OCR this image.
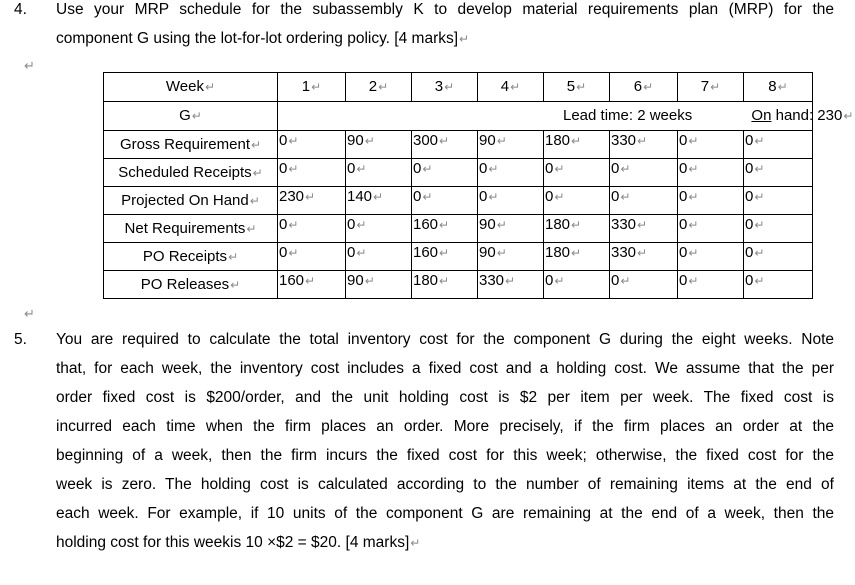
4. Use your MRP schedule for the subassembly K to develop material requirements plan (MRP) for the
component G using the lot-for-lot ordering policy. [4 marks]↵
↵
Week↵	1↵	2↵	3↵	4↵	5↵	6↵	7↵	8↵
G↵	Lead time: 2 weeks On hand: 230↵							
Gross Requirement↵	0↵	90↵	300↵	90↵	180↵	330↵	0↵	0↵
Scheduled Receipts↵	0↵	0↵	0↵	0↵	0↵	0↵	0↵	0↵
Projected On Hand↵	230↵	140↵	0↵	0↵	0↵	0↵	0↵	0↵
Net Requirements↵	0↵	0↵	160↵	90↵	180↵	330↵	0↵	0↵
PO Receipts↵	0↵	0↵	160↵	90↵	180↵	330↵	0↵	0↵
PO Releases↵	160↵	90↵	180↵	330↵	0↵	0↵	0↵	0↵
↵
5. You are required to calculate the total inventory cost for the component G during the eight weeks. Note
that, for each week, the inventory cost includes a fixed cost and a holding cost. We assume that the per
order fixed cost is $200/order, and the unit holding cost is $2 per item per week. The fixed cost is
incurred each time when the firm places an order. More precisely, if the firm places an order at the
beginning of a week, then the firm incurs the fixed cost for this week; otherwise, the fixed cost for the
week is zero. The holding cost is calculated according to the number of remaining items at the end of
each week. For example, if 10 units of the component G are remaining at the end of a week, then the
holding cost for this weekis 10 ×$2 = $20. [4 marks]↵
